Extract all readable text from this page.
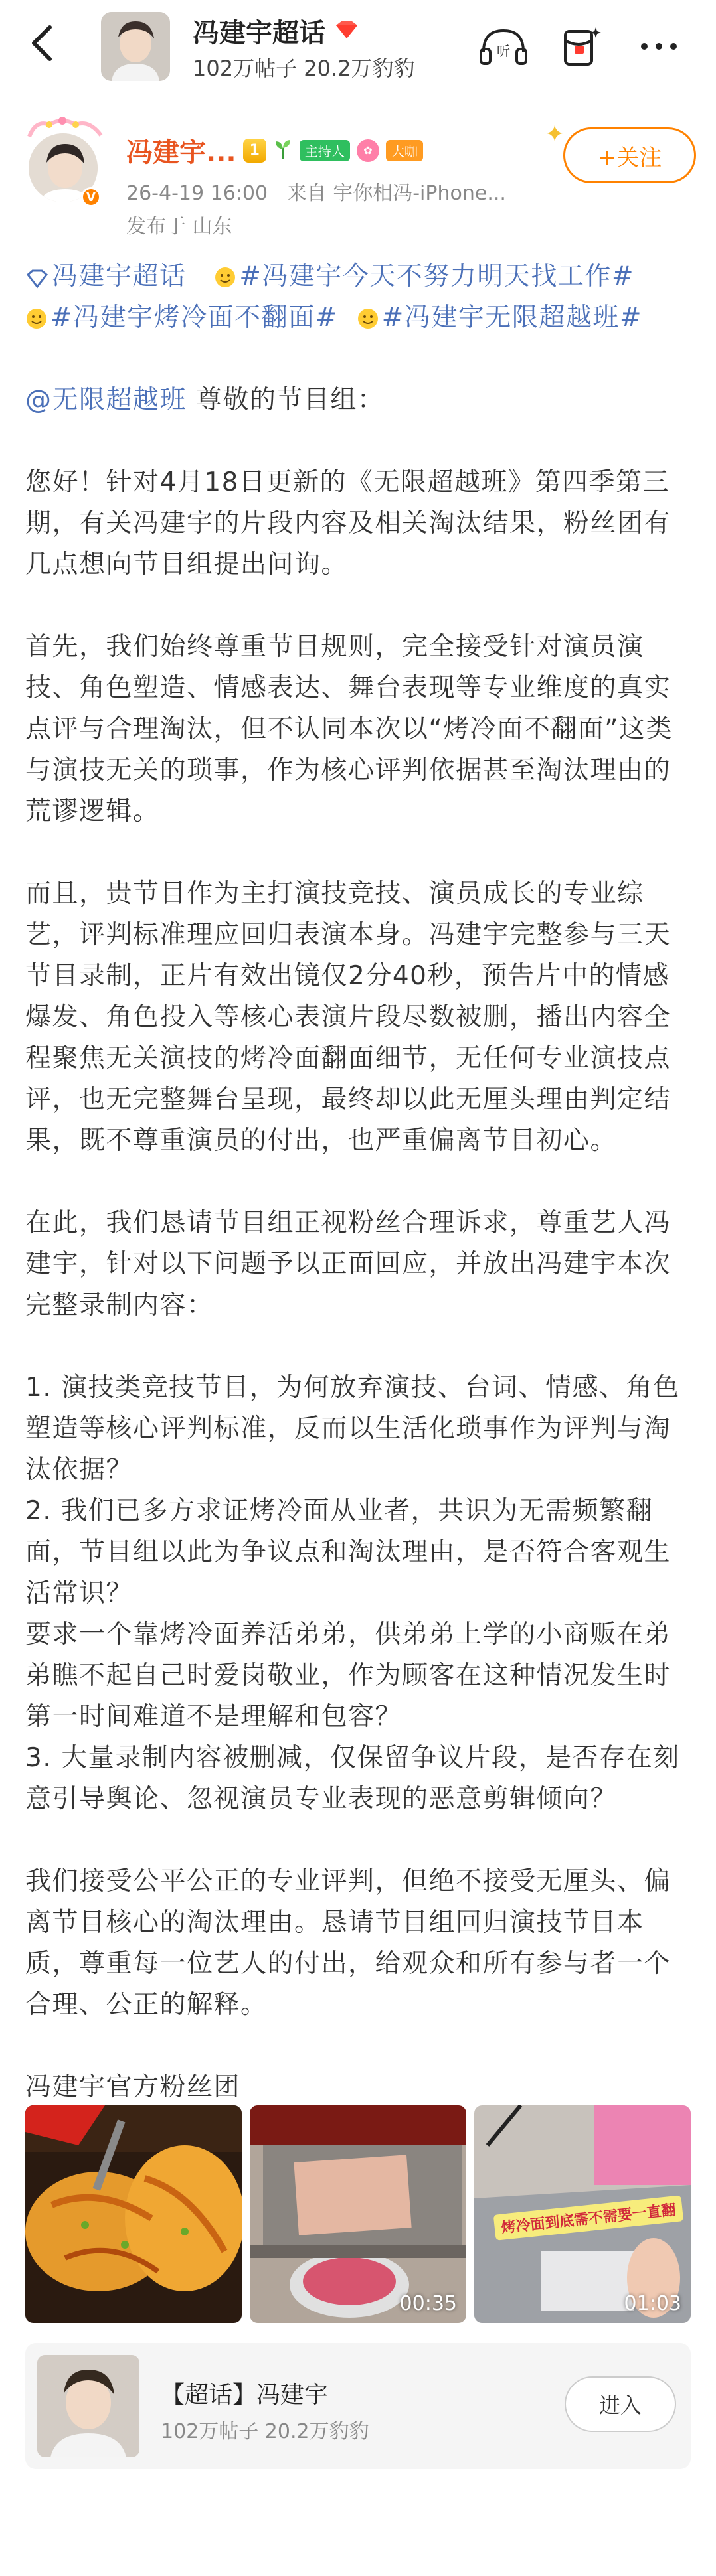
冯建宇超话
102万帖子 20.2万豹豹
听
V
冯建宇... 1	主持人	✿	大咖
✦
+关注
26-4-19 16:00 来自 宇你相冯-iPhone...
发布于 山东

冯建宇超话 #冯建宇今天不努力明天找工作#

#冯建宇烤冷面不翻面# #冯建宇无限超越班#

@无限超越班 尊敬的节目组：

您好！针对4月18日更新的《无限超越班》第四季第三期，有关冯建宇的片段内容及相关淘汰结果，粉丝团有几点想向节目组提出问询。

首先，我们始终尊重节目规则，完全接受针对演员演技、角色塑造、情感表达、舞台表现等专业维度的真实点评与合理淘汰，但不认同本次以“烤冷面不翻面”这类与演技无关的琐事，作为核心评判依据甚至淘汰理由的荒谬逻辑。

而且，贵节目作为主打演技竞技、演员成长的专业综艺，评判标准理应回归表演本身。冯建宇完整参与三天节目录制，正片有效出镜仅2分40秒，预告片中的情感爆发、角色投入等核心表演片段尽数被删，播出内容全程聚焦无关演技的烤冷面翻面细节，无任何专业演技点评，也无完整舞台呈现，最终却以此无厘头理由判定结果，既不尊重演员的付出，也严重偏离节目初心。

在此，我们恳请节目组正视粉丝合理诉求，尊重艺人冯建宇，针对以下问题予以正面回应，并放出冯建宇本次完整录制内容：

1. 演技类竞技节目，为何放弃演技、台词、情感、角色塑造等核心评判标准，反而以生活化琐事作为评判与淘汰依据？

2. 我们已多方求证烤冷面从业者，共识为无需频繁翻面，节目组以此为争议点和淘汰理由，是否符合客观生活常识？

要求一个靠烤冷面养活弟弟，供弟弟上学的小商贩在弟弟瞧不起自己时爱岗敬业，作为顾客在这种情况发生时第一时间难道不是理解和包容？

3. 大量录制内容被删减，仅保留争议片段，是否存在刻意引导舆论、忽视演员专业表现的恶意剪辑倾向？

我们接受公平公正的专业评判，但绝不接受无厘头、偏离节目核心的淘汰理由。恳请节目组回归演技节目本质，尊重每一位艺人的付出，给观众和所有参与者一个合理、公正的解释。

冯建宇官方粉丝团

00:35
烤冷面到底需不需要一直翻
01:03
【超话】冯建宇
102万帖子 20.2万豹豹
进入
